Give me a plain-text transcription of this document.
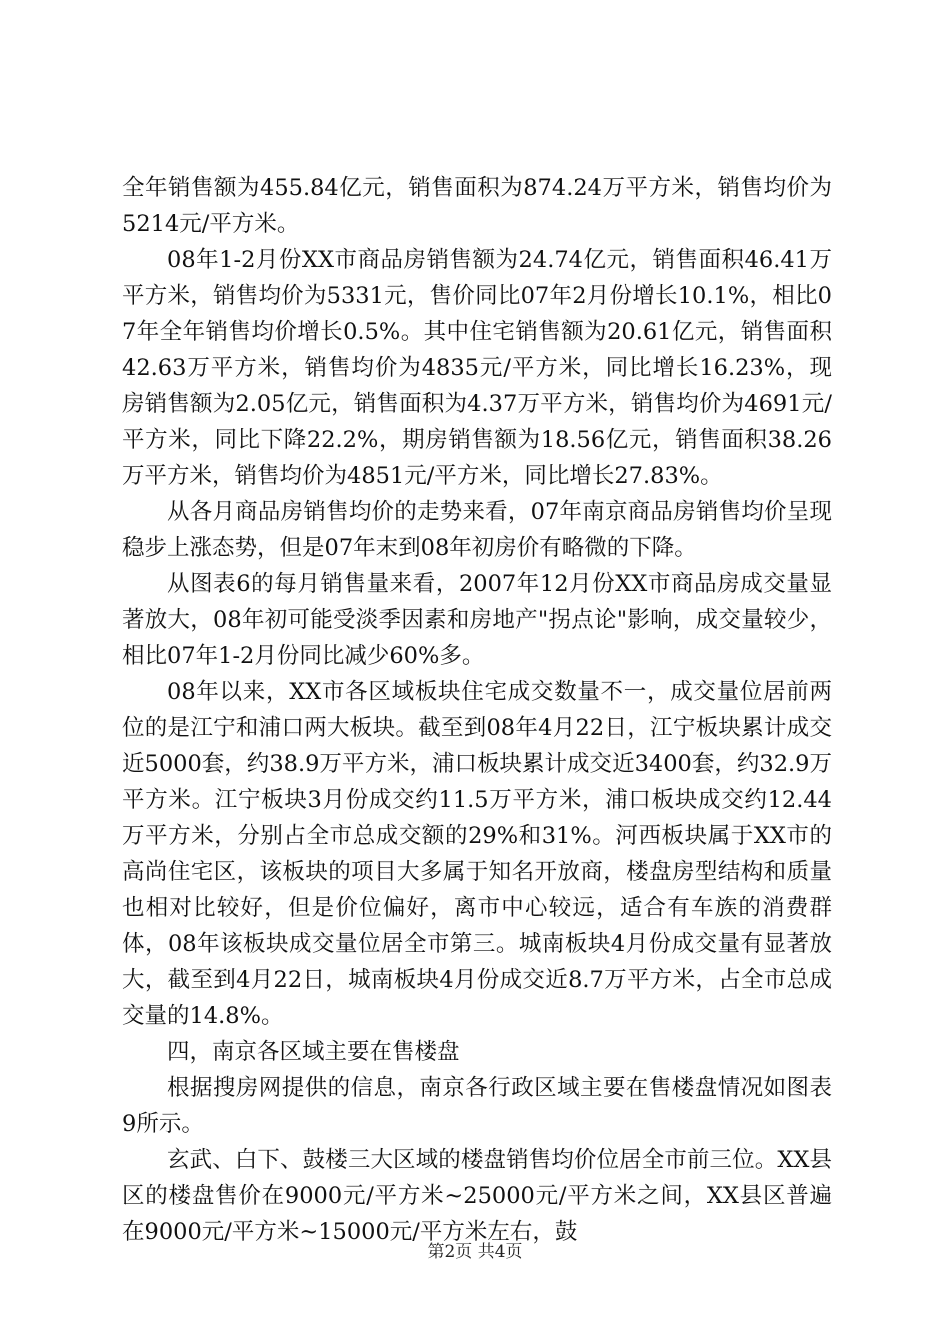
全年销售额为455.84亿元，销售面积为874.24万平方米，销售均价为5214元/平方米。

08年1-2月份XX市商品房销售额为24.74亿元，销售面积46.41万平方米，销售均价为5331元，售价同比07年2月份增长10.1%，相比07年全年销售均价增长0.5%。其中住宅销售额为20.61亿元，销售面积42.63万平方米，销售均价为4835元/平方米，同比增长16.23%，现房销售额为2.05亿元，销售面积为4.37万平方米，销售均价为4691元/平方米，同比下降22.2%，期房销售额为18.56亿元，销售面积38.26万平方米，销售均价为4851元/平方米，同比增长27.83%。

从各月商品房销售均价的走势来看，07年南京商品房销售均价呈现稳步上涨态势，但是07年末到08年初房价有略微的下降。

从图表6的每月销售量来看，2007年12月份XX市商品房成交量显著放大，08年初可能受淡季因素和房地产"拐点论"影响，成交量较少，相比07年1-2月份同比减少60%多。

08年以来，XX市各区域板块住宅成交数量不一，成交量位居前两位的是江宁和浦口两大板块。截至到08年4月22日，江宁板块累计成交近5000套，约38.9万平方米，浦口板块累计成交近3400套，约32.9万平方米。江宁板块3月份成交约11.5万平方米，浦口板块成交约12.44万平方米，分别占全市总成交额的29%和31%。河西板块属于XX市的高尚住宅区，该板块的项目大多属于知名开放商，楼盘房型结构和质量也相对比较好，但是价位偏好，离市中心较远，适合有车族的消费群体，08年该板块成交量位居全市第三。城南板块4月份成交量有显著放大，截至到4月22日，城南板块4月份成交近8.7万平方米，占全市总成交量的14.8%。

四，南京各区域主要在售楼盘

根据搜房网提供的信息，南京各行政区域主要在售楼盘情况如图表9所示。

玄武、白下、鼓楼三大区域的楼盘销售均价位居全市前三位。XX县区的楼盘售价在9000元/平方米~25000元/平方米之间，XX县区普遍在9000元/平方米~15000元/平方米左右，鼓

第2页 共4页
